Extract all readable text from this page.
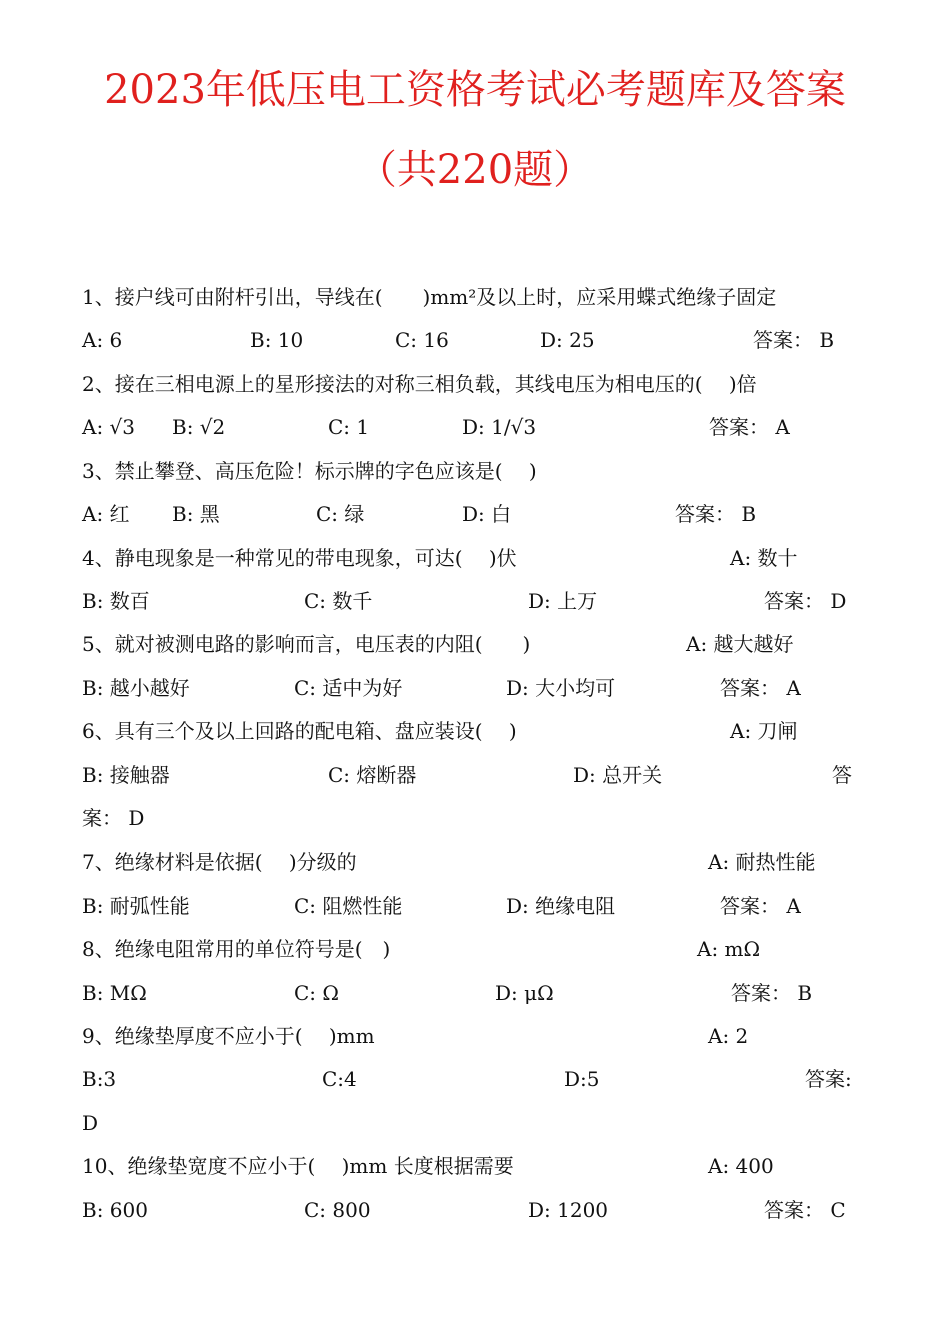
2023年低压电工资格考试必考题库及答案
（共220题）
1、接户线可由附杆引出，导线在(　　)mm²及以上时，应采用蝶式绝缘子固定
A: 6	B: 10	C: 16	D: 25	答案： B
2、接在三相电源上的星形接法的对称三相负载，其线电压为相电压的(　 )倍
A: √3 B: √2	C: 1	D: 1/√3	答案： A
3、禁止攀登、高压危险！标示牌的字色应该是(　 )
A: 红 B: 黑	C: 绿	D: 白	答案： B
4、静电现象是一种常见的带电现象，可达(　 )伏	A: 数十
B: 数百	C: 数千	D: 上万	答案： D
5、就对被测电路的影响而言，电压表的内阻(　　)	A: 越大越好
B: 越小越好	C: 适中为好	D: 大小均可	答案： A
6、具有三个及以上回路的配电箱、盘应装设(　 )	A: 刀闸
B: 接触器	C: 熔断器	D: 总开关	答
案： D
7、绝缘材料是依据(　 )分级的	A: 耐热性能
B: 耐弧性能	C: 阻燃性能	D: 绝缘电阻	答案： A
8、绝缘电阻常用的单位符号是(　)	A: mΩ
B: MΩ	C: Ω	D: μΩ	答案： B
9、绝缘垫厚度不应小于(　 )mm	A: 2
B:3	C:4	D:5	答案:
D
10、绝缘垫宽度不应小于(　 )mm 长度根据需要	A: 400
B: 600	C: 800	D: 1200	答案： C
